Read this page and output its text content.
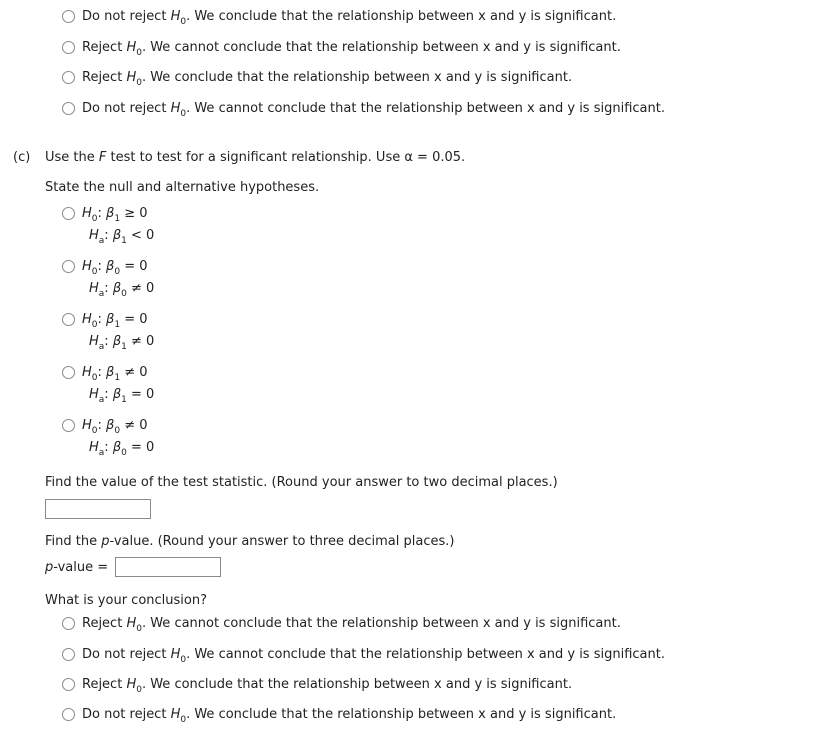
Do not reject $H_0$. We conclude that the relationship between x and y is significant.
Reject $H_0$. We cannot conclude that the relationship between x and y is significant.
Reject $H_0$. We conclude that the relationship between x and y is significant.
Do not reject $H_0$. We cannot conclude that the relationship between x and y is significant.
(c) Use the F test to test for a significant relationship. Use α = 0.05.
State the null and alternative hypotheses.
$H_0$: $\beta_1 \ge 0$
$H_a$: $\beta_1 < 0$
$H_0$: $\beta_0 = 0$
$H_a$: $\beta_0 \ne 0$
$H_0$: $\beta_1 = 0$
$H_a$: $\beta_1 \ne 0$
$H_0$: $\beta_1 \ne 0$
$H_a$: $\beta_1 = 0$
$H_0$: $\beta_0 \ne 0$
$H_a$: $\beta_0 = 0$
Find the value of the test statistic. (Round your answer to two decimal places.)
Find the p-value. (Round your answer to three decimal places.)
p-value =
What is your conclusion?
Reject $H_0$. We cannot conclude that the relationship between x and y is significant.
Do not reject $H_0$. We cannot conclude that the relationship between x and y is significant.
Reject $H_0$. We conclude that the relationship between x and y is significant.
Do not reject $H_0$. We conclude that the relationship between x and y is significant.
